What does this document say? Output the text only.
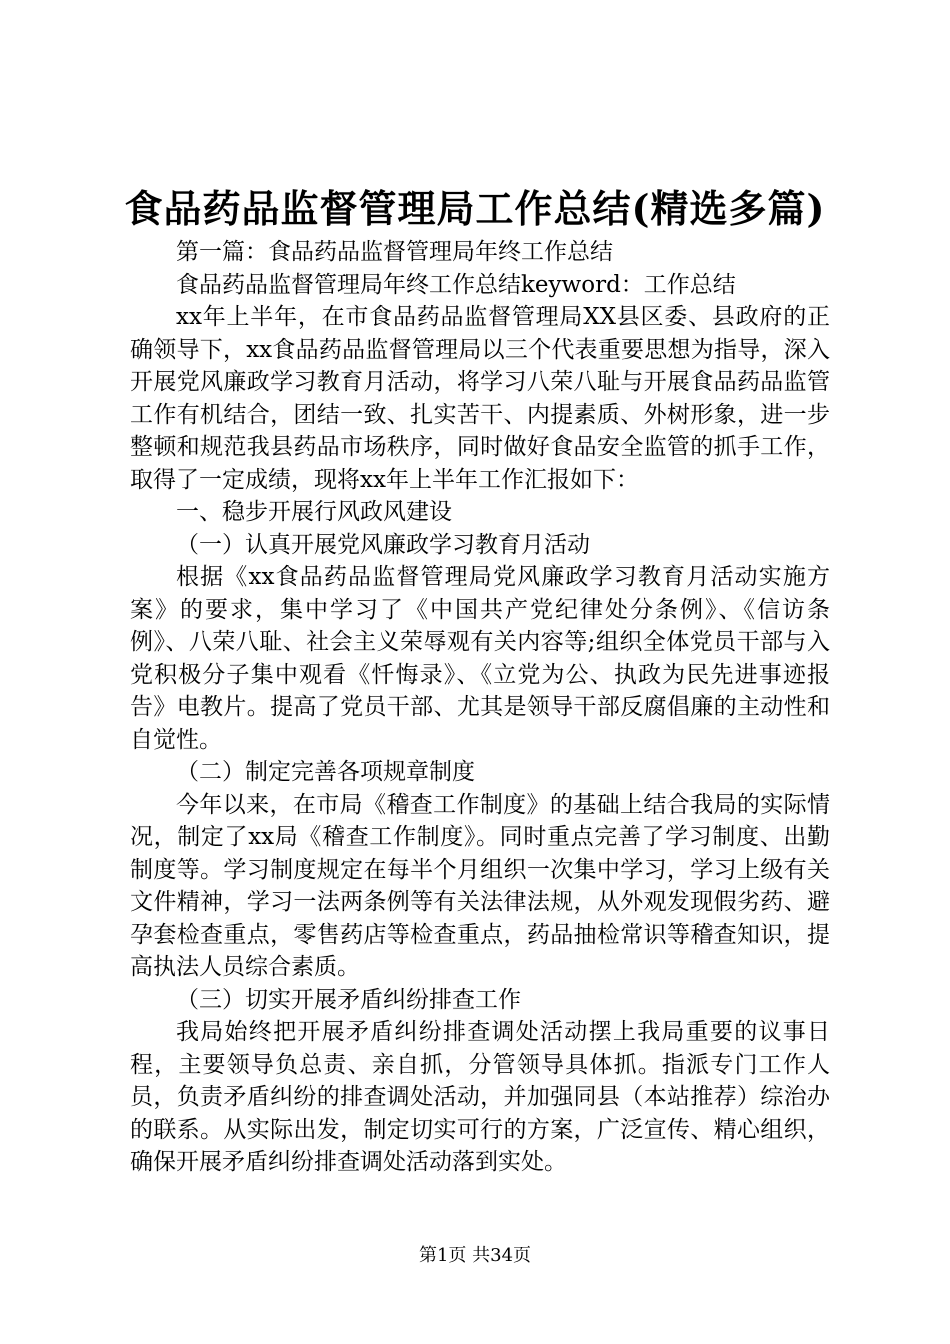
食品药品监督管理局工作总结(精选多篇)

第一篇：食品药品监督管理局年终工作总结

食品药品监督管理局年终工作总结keyword：工作总结

xx年上半年，在市食品药品监督管理局XX县区委、县政府的正确领导下，xx食品药品监督管理局以三个代表重要思想为指导，深入开展党风廉政学习教育月活动，将学习八荣八耻与开展食品药品监管工作有机结合，团结一致、扎实苦干、内提素质、外树形象，进一步整顿和规范我县药品市场秩序，同时做好食品安全监管的抓手工作，取得了一定成绩，现将xx年上半年工作汇报如下：

一、稳步开展行风政风建设

（一）认真开展党风廉政学习教育月活动

根据《xx食品药品监督管理局党风廉政学习教育月活动实施方案》的要求，集中学习了《中国共产党纪律处分条例》、《信访条例》、八荣八耻、社会主义荣辱观有关内容等;组织全体党员干部与入党积极分子集中观看《忏悔录》、《立党为公、执政为民先进事迹报告》电教片。提高了党员干部、尤其是领导干部反腐倡廉的主动性和自觉性。

（二）制定完善各项规章制度

今年以来，在市局《稽查工作制度》的基础上结合我局的实际情况，制定了xx局《稽查工作制度》。同时重点完善了学习制度、出勤制度等。学习制度规定在每半个月组织一次集中学习，学习上级有关文件精神，学习一法两条例等有关法律法规，从外观发现假劣药、避孕套检查重点，零售药店等检查重点，药品抽检常识等稽查知识，提高执法人员综合素质。

（三）切实开展矛盾纠纷排查工作

我局始终把开展矛盾纠纷排查调处活动摆上我局重要的议事日程，主要领导负总责、亲自抓，分管领导具体抓。指派专门工作人员，负责矛盾纠纷的排查调处活动，并加强同县（本站推荐）综治办的联系。从实际出发，制定切实可行的方案，广泛宣传、精心组织，确保开展矛盾纠纷排查调处活动落到实处。

第1页 共34页
